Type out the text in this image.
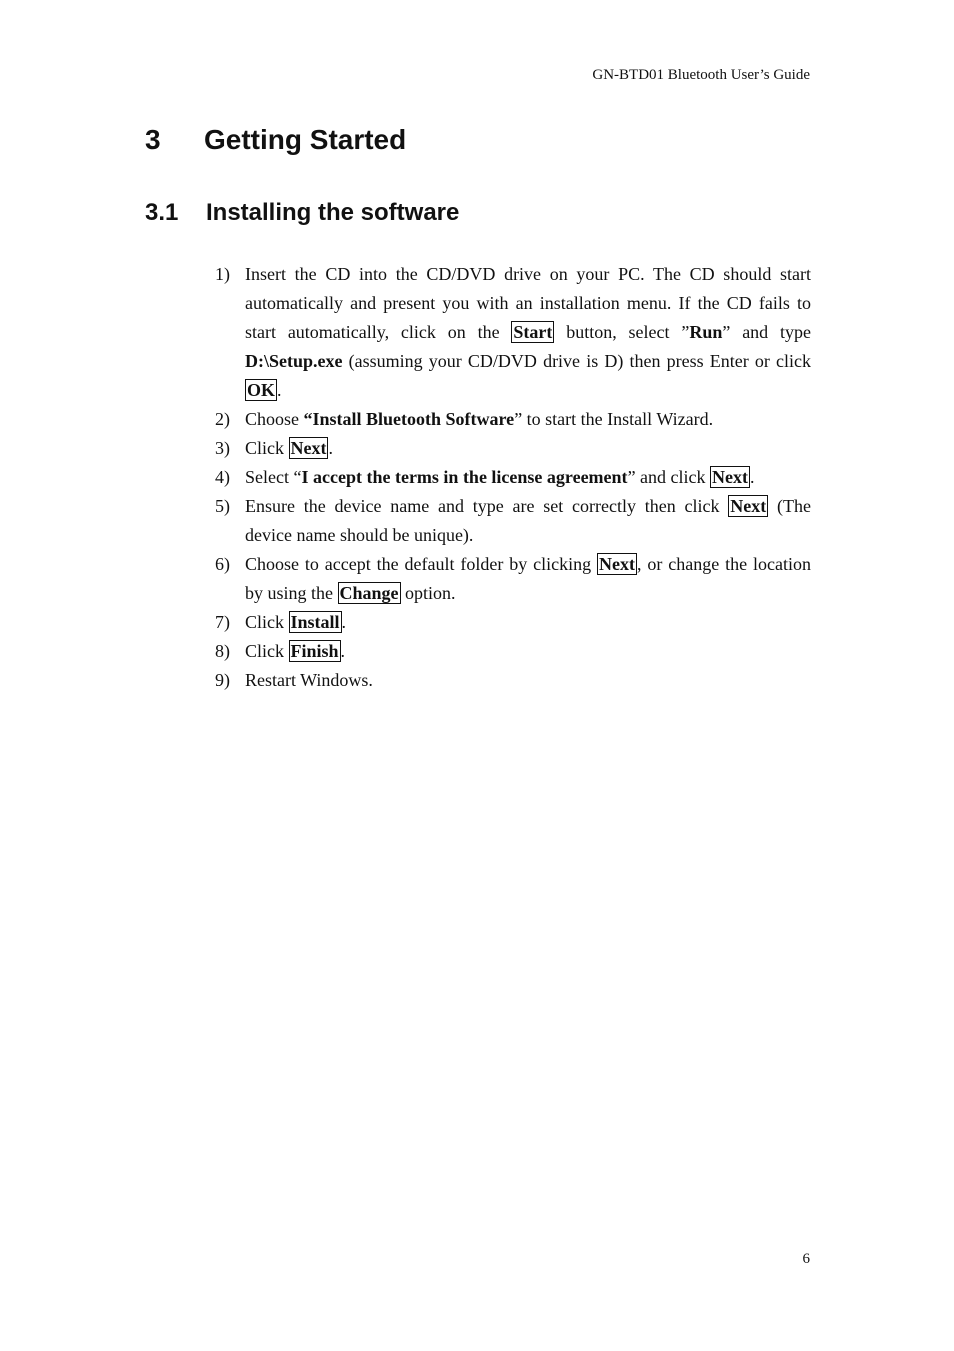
GN-BTD01 Bluetooth User’s Guide
3	Getting Started
3.1	Installing the software
1) Insert the CD into the CD/DVD drive on your PC. The CD should start automatically and present you with an installation menu. If the CD fails to start automatically, click on the Start button, select ”Run” and type D:\Setup.exe (assuming your CD/DVD drive is D) then press Enter or click OK .
2) Choose “Install Bluetooth Software” to start the Install Wizard.
3) Click Next .
4) Select “I accept the terms in the license agreement” and click Next .
5) Ensure the device name and type are set correctly then click Next (The device name should be unique).
6) Choose to accept the default folder by clicking Next , or change the location by using the Change option.
7) Click Install .
8) Click Finish .
9) Restart Windows.
6
